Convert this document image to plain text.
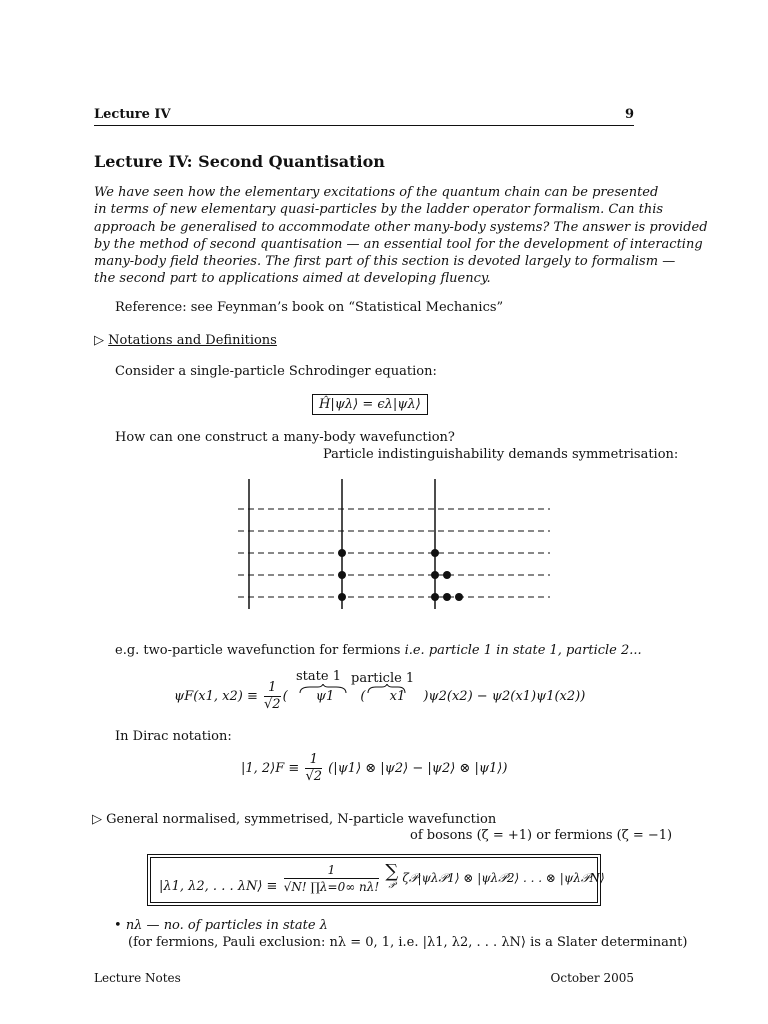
Lecture IV	9
Lecture IV: Second Quantisation
We have seen how the elementary excitations of the quantum chain can be presented
in terms of new elementary quasi-particles by the ladder operator formalism. Can this
approach be generalised to accommodate other many-body systems? The answer is provided
by the method of second quantisation — an essential tool for the development of interacting
many-body field theories. The first part of this section is devoted largely to formalism —
the second part to applications aimed at developing fluency.
Reference: see Feynman’s book on “Statistical Mechanics”
▷ Notations and Definitions
Consider a single-particle Schrodinger equation:
Ĥ|ψλ⟩ = ϵλ|ψλ⟩
How can one construct a many-body wavefunction?
Particle indistinguishability demands symmetrisation:
e.g. two-particle wavefunction for fermions i.e. particle 1 in state 1, particle 2...
state 1 particle 1
ψF(x1, $x2) \equiv \frac{1}{√2}$ ( ψ1 ( x1 )ψ2(x2) − ψ2(x1)ψ1(x2))
In Dirac notation:
|1, 2⟩F ≡ $\frac{1}{√2}$ (|ψ1⟩ ⊗ |ψ2⟩ − |ψ2⟩ ⊗ |ψ1⟩)
▷ General normalised, symmetrised, N-particle wavefunction
of bosons (ζ = +1) or fermions (ζ = −1)
|λ1, λ2, . . . λN⟩ ≡ $\frac{1}{√N! \prod\lambda=0\infty n\lambda!}$
∑
𝒫
ζ𝒫|ψλ𝒫1⟩ ⊗ |ψλ𝒫2⟩ . . . ⊗ |ψλ𝒫N⟩
• nλ — no. of particles in state λ
(for fermions, Pauli exclusion: nλ = 0, 1, i.e. |λ1, λ2, . . . λN⟩ is a Slater determinant)
Lecture Notes	October 2005
